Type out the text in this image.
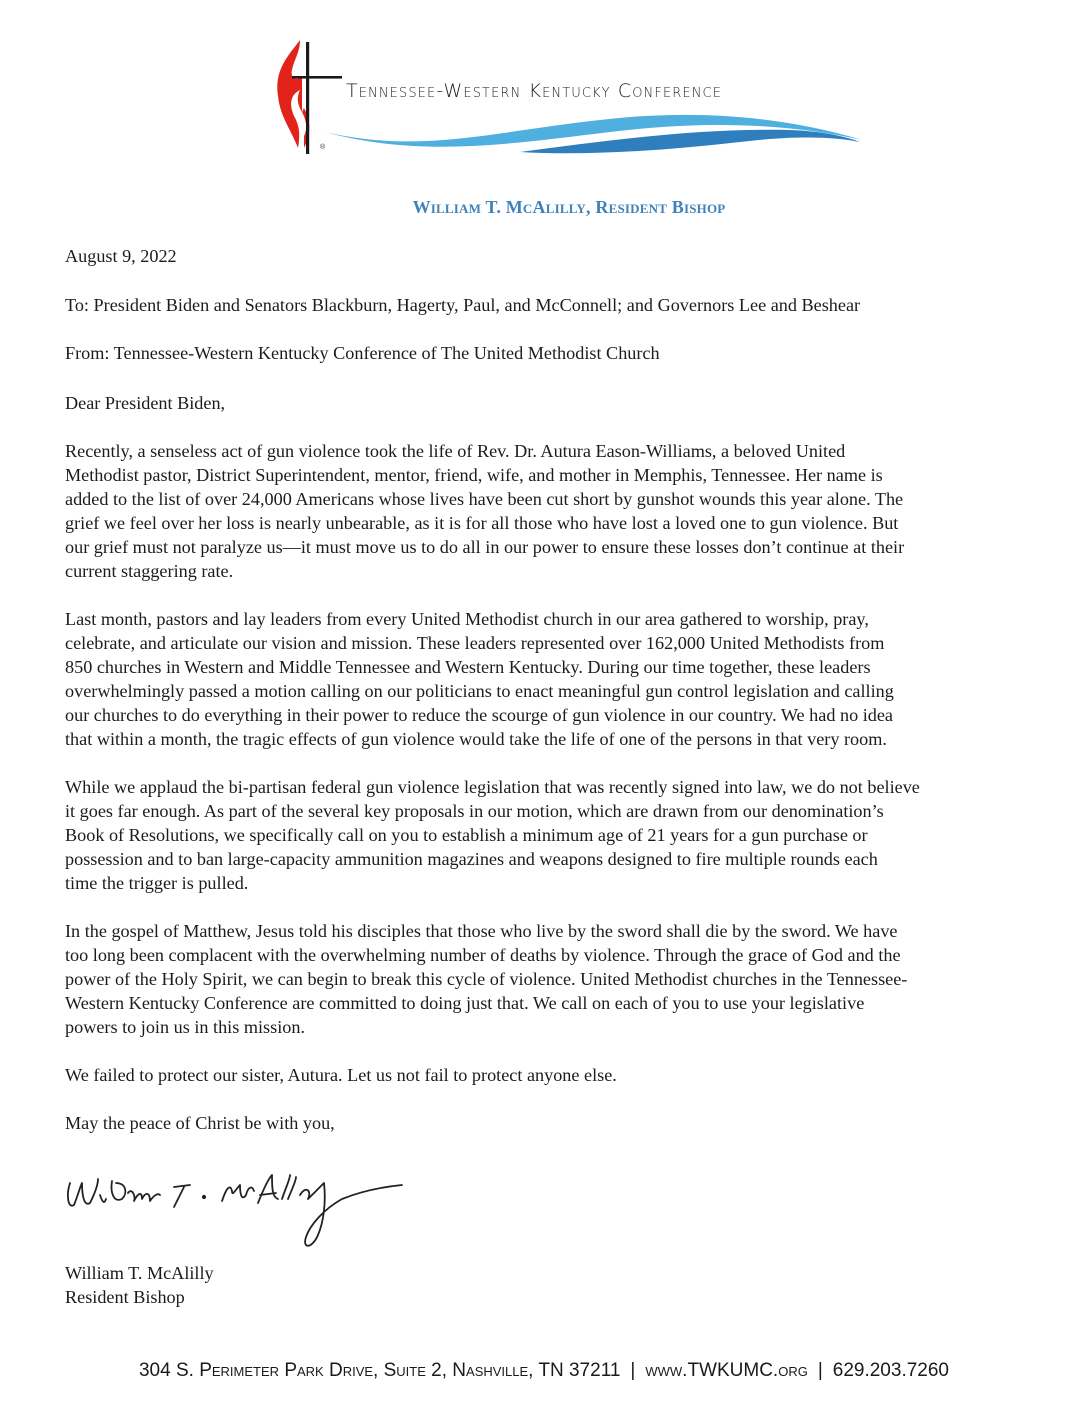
®
Tennessee-Western Kentucky Conference
William T. McAlilly, Resident Bishop
August 9, 2022
To: President Biden and Senators Blackburn, Hagerty, Paul, and McConnell; and Governors Lee and Beshear
From: Tennessee-Western Kentucky Conference of The United Methodist Church
Dear President Biden,
Recently, a senseless act of gun violence took the life of Rev. Dr. Autura Eason-Williams, a beloved United
Methodist pastor, District Superintendent, mentor, friend, wife, and mother in Memphis, Tennessee. Her name is
added to the list of over 24,000 Americans whose lives have been cut short by gunshot wounds this year alone. The
grief we feel over her loss is nearly unbearable, as it is for all those who have lost a loved one to gun violence. But
our grief must not paralyze us—it must move us to do all in our power to ensure these losses don’t continue at their
current staggering rate.
Last month, pastors and lay leaders from every United Methodist church in our area gathered to worship, pray,
celebrate, and articulate our vision and mission. These leaders represented over 162,000 United Methodists from
850 churches in Western and Middle Tennessee and Western Kentucky. During our time together, these leaders
overwhelmingly passed a motion calling on our politicians to enact meaningful gun control legislation and calling
our churches to do everything in their power to reduce the scourge of gun violence in our country. We had no idea
that within a month, the tragic effects of gun violence would take the life of one of the persons in that very room.
While we applaud the bi-partisan federal gun violence legislation that was recently signed into law, we do not believe
it goes far enough. As part of the several key proposals in our motion, which are drawn from our denomination’s
Book of Resolutions, we specifically call on you to establish a minimum age of 21 years for a gun purchase or
possession and to ban large-capacity ammunition magazines and weapons designed to fire multiple rounds each
time the trigger is pulled.
In the gospel of Matthew, Jesus told his disciples that those who live by the sword shall die by the sword. We have
too long been complacent with the overwhelming number of deaths by violence. Through the grace of God and the
power of the Holy Spirit, we can begin to break this cycle of violence. United Methodist churches in the Tennessee-
Western Kentucky Conference are committed to doing just that. We call on each of you to use your legislative
powers to join us in this mission.
We failed to protect our sister, Autura. Let us not fail to protect anyone else.
May the peace of Christ be with you,
William T. McAlilly
Resident Bishop
304 S. Perimeter Park Drive, Suite 2, Nashville, TN 37211 | www.TWKUMC.org | 629.203.7260
